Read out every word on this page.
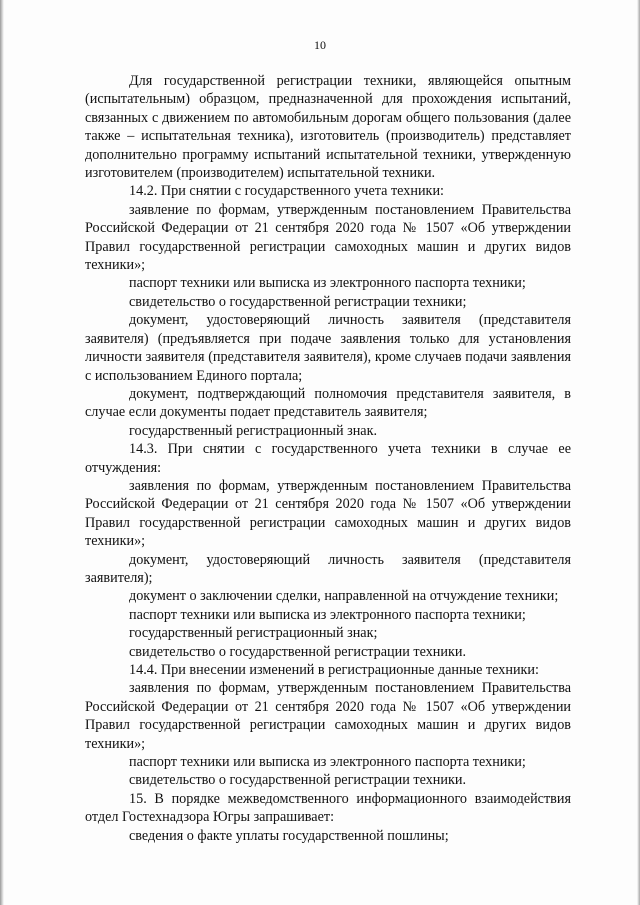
10

Для государственной регистрации техники, являющейся опытным (испытательным) образцом, предназначенной для прохождения испытаний, связанных с движением по автомобильным дорогам общего пользования (далее также – испытательная техника), изготовитель (производитель) представляет дополнительно программу испытаний испытательной техники, утвержденную изготовителем (производителем) испытательной техники.

14.2. При снятии с государственного учета техники:

заявление по формам, утвержденным постановлением Правительства Российской Федерации от 21 сентября 2020 года № 1507 «Об утверждении Правил государственной регистрации самоходных машин и других видов техники»;

паспорт техники или выписка из электронного паспорта техники;

свидетельство о государственной регистрации техники;

документ, удостоверяющий личность заявителя (представителя заявителя) (предъявляется при подаче заявления только для установления личности заявителя (представителя заявителя), кроме случаев подачи заявления с использованием Единого портала;

документ, подтверждающий полномочия представителя заявителя, в случае если документы подает представитель заявителя;

государственный регистрационный знак.

14.3. При снятии с государственного учета техники в случае ее отчуждения:

заявления по формам, утвержденным постановлением Правительства Российской Федерации от 21 сентября 2020 года № 1507 «Об утверждении Правил государственной регистрации самоходных машин и других видов техники»;

документ, удостоверяющий личность заявителя (представителя заявителя);

документ о заключении сделки, направленной на отчуждение техники;

паспорт техники или выписка из электронного паспорта техники;

государственный регистрационный знак;

свидетельство о государственной регистрации техники.

14.4. При внесении изменений в регистрационные данные техники:

заявления по формам, утвержденным постановлением Правительства Российской Федерации от 21 сентября 2020 года № 1507 «Об утверждении Правил государственной регистрации самоходных машин и других видов техники»;

паспорт техники или выписка из электронного паспорта техники;

свидетельство о государственной регистрации техники.

15. В порядке межведомственного информационного взаимодействия отдел Гостехнадзора Югры запрашивает:

сведения о факте уплаты государственной пошлины;
